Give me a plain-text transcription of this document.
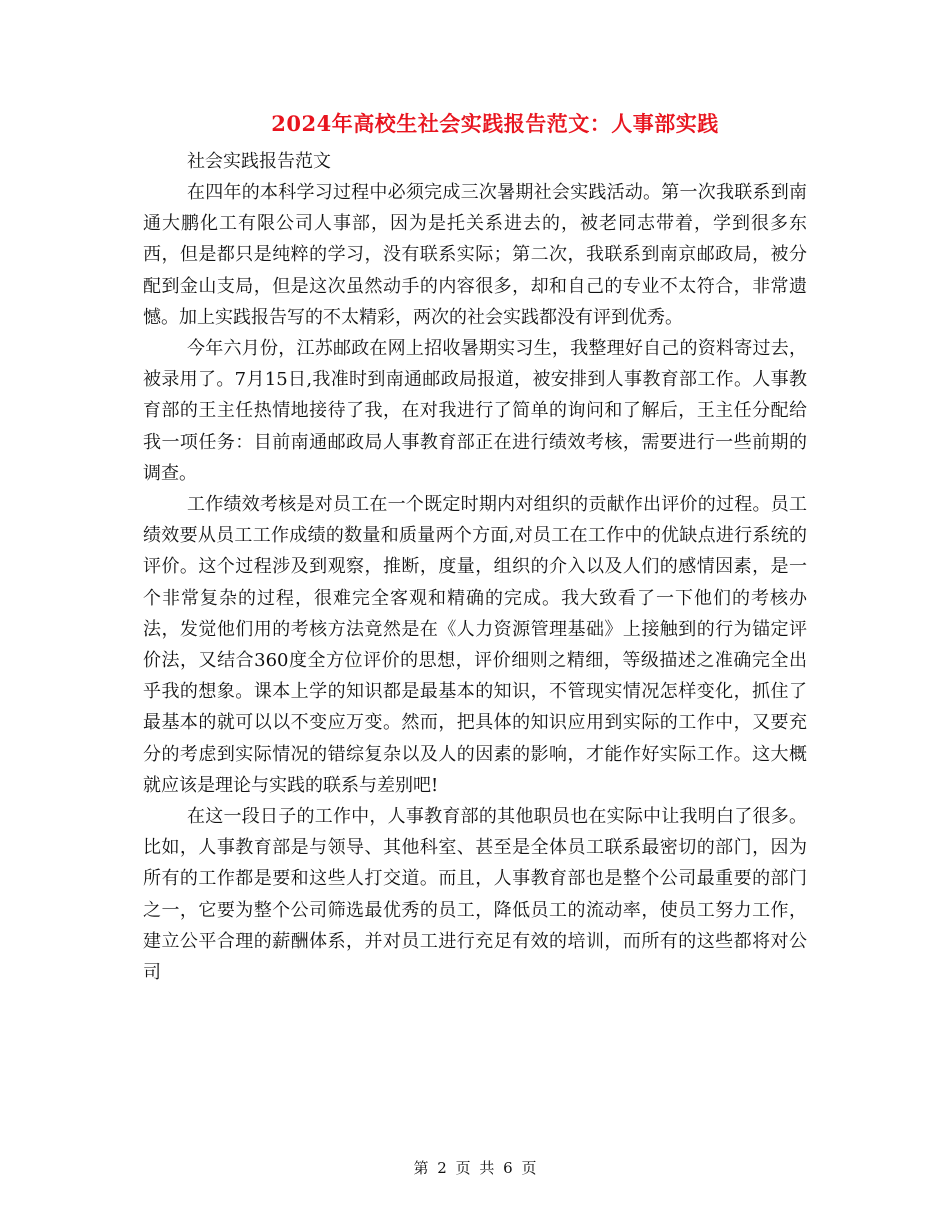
2024年高校生社会实践报告范文：人事部实践

社会实践报告范文

在四年的本科学习过程中必须完成三次暑期社会实践活动。第一次我联系到南通大鹏化工有限公司人事部，因为是托关系进去的，被老同志带着，学到很多东西，但是都只是纯粹的学习，没有联系实际；第二次，我联系到南京邮政局，被分配到金山支局，但是这次虽然动手的内容很多，却和自己的专业不太符合，非常遗憾。加上实践报告写的不太精彩，两次的社会实践都没有评到优秀。

今年六月份，江苏邮政在网上招收暑期实习生，我整理好自己的资料寄过去，被录用了。7月15日,我准时到南通邮政局报道，被安排到人事教育部工作。人事教育部的王主任热情地接待了我，在对我进行了简单的询问和了解后，王主任分配给我一项任务：目前南通邮政局人事教育部正在进行绩效考核，需要进行一些前期的调查。

工作绩效考核是对员工在一个既定时期内对组织的贡献作出评价的过程。员工绩效要从员工工作成绩的数量和质量两个方面,对员工在工作中的优缺点进行系统的评价。这个过程涉及到观察，推断，度量，组织的介入以及人们的感情因素，是一个非常复杂的过程，很难完全客观和精确的完成。我大致看了一下他们的考核办法，发觉他们用的考核方法竟然是在《人力资源管理基础》上接触到的行为锚定评价法，又结合360度全方位评价的思想，评价细则之精细，等级描述之准确完全出乎我的想象。课本上学的知识都是最基本的知识，不管现实情况怎样变化，抓住了最基本的就可以以不变应万变。然而，把具体的知识应用到实际的工作中，又要充分的考虑到实际情况的错综复杂以及人的因素的影响，才能作好实际工作。这大概就应该是理论与实践的联系与差别吧!

在这一段日子的工作中，人事教育部的其他职员也在实际中让我明白了很多。比如，人事教育部是与领导、其他科室、甚至是全体员工联系最密切的部门，因为所有的工作都是要和这些人打交道。而且，人事教育部也是整个公司最重要的部门之一，它要为整个公司筛选最优秀的员工，降低员工的流动率，使员工努力工作，建立公平合理的薪酬体系，并对员工进行充足有效的培训，而所有的这些都将对公司

第 2 页 共 6 页
